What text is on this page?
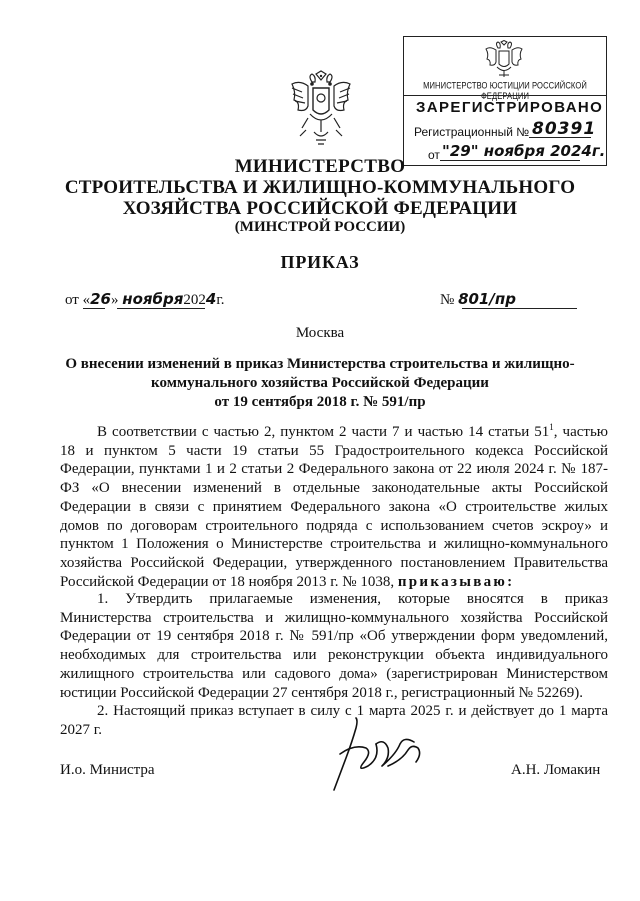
МИНИСТЕРСТВО ЮСТИЦИИ РОССИЙСКОЙ ФЕДЕРАЦИИ
ЗАРЕГИСТРИРОВАНО
Регистрационный № 80391
от "29" ноября 2024г.
МИНИСТЕРСТВО
СТРОИТЕЛЬСТВА И ЖИЛИЩНО-КОММУНАЛЬНОГО
ХОЗЯЙСТВА РОССИЙСКОЙ ФЕДЕРАЦИИ
(МИНСТРОЙ РОССИИ)
ПРИКАЗ
от «26» ноября2024г.	№ 801/пр
Москва
О внесении изменений в приказ Министерства строительства и жилищно-
коммунального хозяйства Российской Федерации
от 19 сентября 2018 г. № 591/пр
В соответствии с частью 2, пунктом 2 части 7 и частью 14 статьи $51^1$, частью 18 и пунктом 5 части 19 статьи 55 Градостроительного кодекса Российской Федерации, пунктами 1 и 2 статьи 2 Федерального закона от 22 июля 2024 г. № 187-ФЗ «О внесении изменений в отдельные законодательные акты Российской Федерации в связи с принятием Федерального закона «О строительстве жилых домов по договорам строительного подряда с использованием счетов эскроу» и пунктом 1 Положения о Министерстве строительства и жилищно-коммунального хозяйства Российской Федерации, утвержденного постановлением Правительства Российской Федерации от 18 ноября 2013 г. № 1038, приказываю:
1. Утвердить прилагаемые изменения, которые вносятся в приказ Министерства строительства и жилищно-коммунального хозяйства Российской Федерации от 19 сентября 2018 г. № 591/пр «Об утверждении форм уведомлений, необходимых для строительства или реконструкции объекта индивидуального жилищного строительства или садового дома» (зарегистрирован Министерством юстиции Российской Федерации 27 сентября 2018 г., регистрационный № 52269).
2. Настоящий приказ вступает в силу с 1 марта 2025 г. и действует до 1 марта 2027 г.
И.о. Министра	А.Н. Ломакин
